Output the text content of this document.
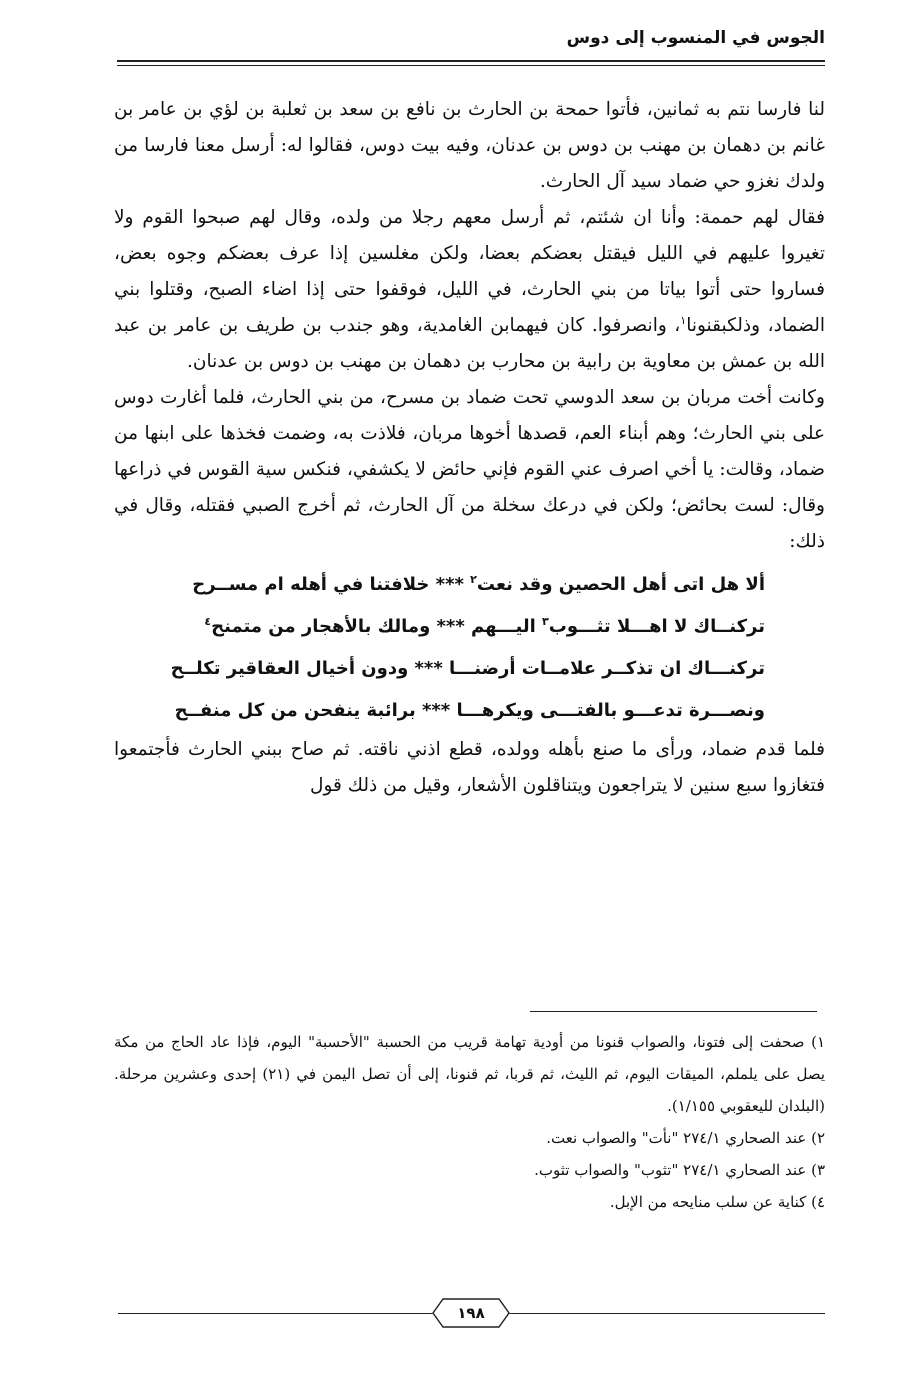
الجوس في المنسوب إلى دوس

لنا فارسا نتم به ثمانين، فأتوا حمحة بن الحارث بن نافع بن سعد بن ثعلبة بن لؤي بن عامر بن غانم بن دهمان بن مهنب بن دوس بن عدنان، وفيه بيت دوس، فقالوا له: أرسل معنا فارسا من ولدك نغزو حي ضماد سيد آل الحارث.

فقال لهم حممة: وأنا ان شئتم، ثم أرسل معهم رجلا من ولده، وقال لهم صبحوا القوم ولا تغيروا عليهم في الليل فيقتل بعضكم بعضا، ولكن مغلسين إذا عرف بعضكم وجوه بعض، فساروا حتى أتوا بياتا من بني الحارث، في الليل، فوقفوا حتى إذا اضاء الصبح، وقتلوا بني الضماد، وذلكبقنونا$^١$، وانصرفوا. كان فيهمابن الغامدية، وهو جندب بن طريف بن عامر بن عبد الله بن عمش بن معاوية بن رابية بن محارب بن دهمان بن مهنب بن دوس بن عدنان.

وكانت أخت مربان بن سعد الدوسي تحت ضماد بن مسرح، من بني الحارث، فلما أغارت دوس على بني الحارث؛ وهم أبناء العم، قصدها أخوها مربان، فلاذت به، وضمت فخذها على ابنها من ضماد، وقالت: يا أخي اصرف عني القوم فإني حائض لا يكشفي، فنكس سية القوس في ذراعها وقال: لست بحائض؛ ولكن في درعك سخلة من آل الحارث، ثم أخرج الصبي فقتله، وقال في ذلك:

ألا هل اتى أهل الحصين وقد نعت$^٢$ *** خلافتنا في أهله ام مســرح
تركنــاك لا اهـــلا تثـــوب$^٣$ اليـــهم *** ومالك بالأهجار من متمنح$^٤$
تركنـــاك ان تذكــر علامــات أرضنـــا *** ودون أخيال العقاقير تكلــح
ونصـــرة تدعـــو بالفتـــى ويكرهـــا *** برائبة ينفحن من كل منفــح

فلما قدم ضماد، ورأى ما صنع بأهله وولده، قطع اذني ناقته. ثم صاح ببني الحارث فأجتمعوا فتغازوا سبع سنين لا يتراجعون ويتناقلون الأشعار، وقيل من ذلك قول

١) صحفت إلى فتونا، والصواب قنونا من أودية تهامة قريب من الحسبة "الأحسبة" اليوم، فإذا عاد الحاج من مكة يصل على يلملم، الميقات اليوم، ثم الليث، ثم قربا، ثم قنونا، إلى أن تصل اليمن في (٢١) إحدى وعشرين مرحلة. (البلدان لليعقوبي ١/١٥٥).

٢) عند الصحاري ٢٧٤/١ "نأت" والصواب نعت.

٣) عند الصحاري ٢٧٤/١ "تثوب" والصواب تثوب.

٤) كناية عن سلب منايحه من الإبل.

١٩٨
